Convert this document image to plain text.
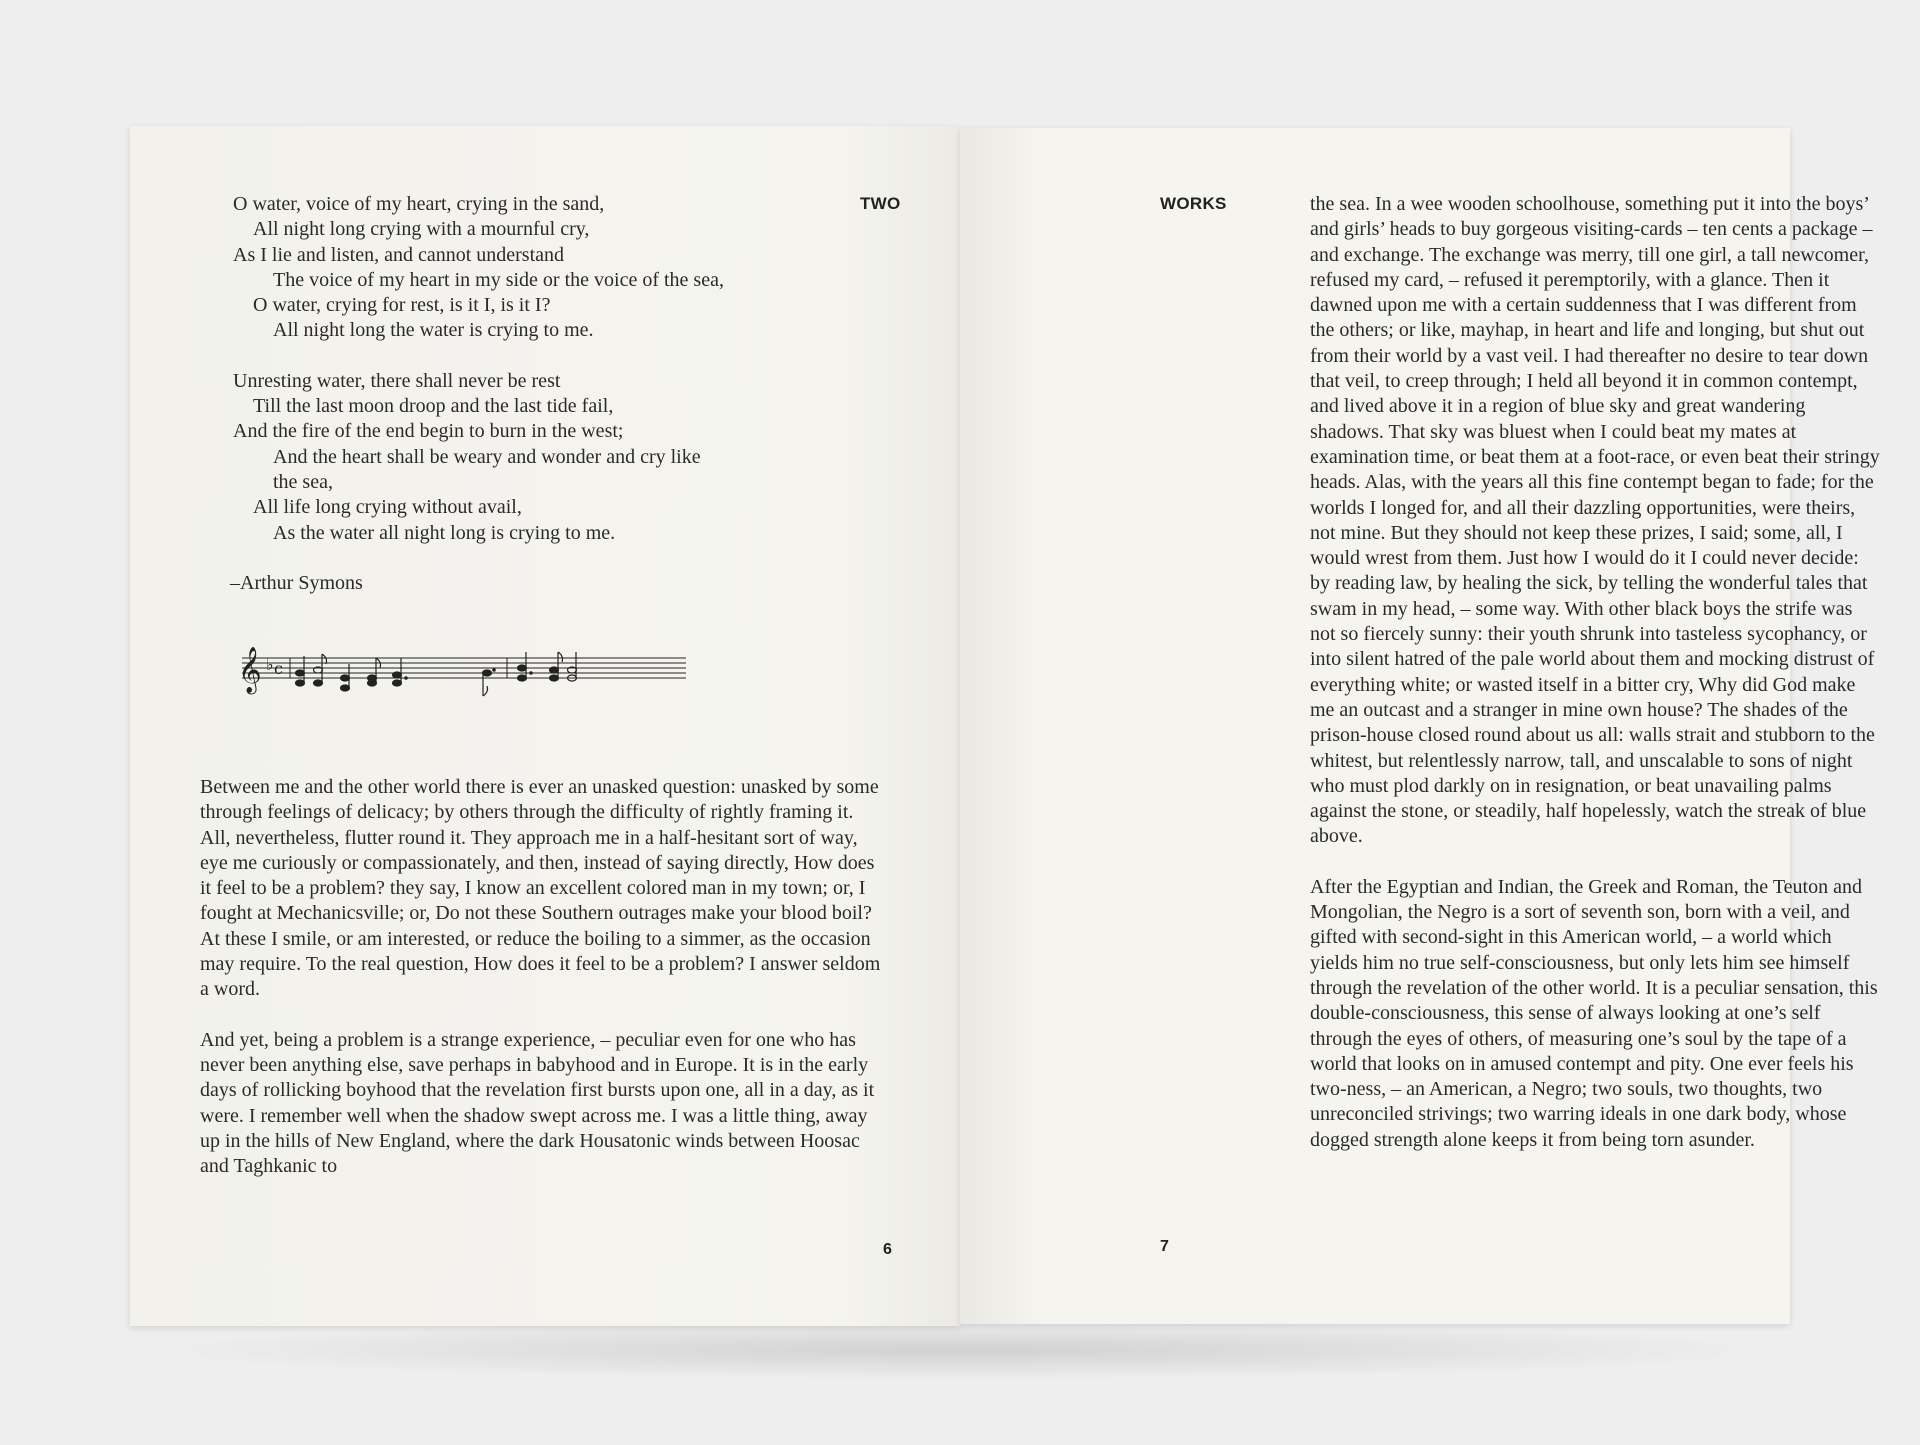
TWO
O water, voice of my heart, crying in the sand,
All night long crying with a mournful cry,
As I lie and listen, and cannot understand
The voice of my heart in my side or the voice of the sea,
O water, crying for rest, is it I, is it I?
All night long the water is crying to me.
Unresting water, there shall never be rest
Till the last moon droop and the last tide fail,
And the fire of the end begin to burn in the west;
And the heart shall be weary and wonder and cry like
the sea,
All life long crying without avail,
As the water all night long is crying to me.
–Arthur Symons
𝄞 ♭ c

Between me and the other world there is ever an unasked question: unasked by some through feelings of delicacy; by others through the difficulty of rightly framing it. All, nevertheless, flutter round it. They approach me in a half-hesitant sort of way, eye me curiously or compassionately, and then, instead of saying directly, How does it feel to be a problem? they say, I know an excellent colored man in my town; or, I fought at Mechanicsville; or, Do not these Southern outrages make your blood boil? At these I smile, or am interested, or reduce the boiling to a simmer, as the occasion may require. To the real question, How does it feel to be a problem? I answer seldom a word.

And yet, being a problem is a strange experience, – peculiar even for one who has never been anything else, save perhaps in babyhood and in Europe. It is in the early days of rollicking boyhood that the revelation first bursts upon one, all in a day, as it were. I remember well when the shadow swept across me. I was a little thing, away up in the hills of New England, where the dark Housatonic winds between Hoosac and Taghkanic to

6
WORKS	the sea. In a wee wooden schoolhouse, something put it into the boys’ and girls’ heads to buy gorgeous visiting-cards – ten cents a package – and exchange. The exchange was merry, till one girl, a tall newcomer, refused my card, – refused it peremptorily, with a glance. Then it dawned upon me with a certain suddenness that I was different from the others; or like, mayhap, in heart and life and longing, but shut out from their world by a vast veil. I had thereafter no desire to tear down that veil, to creep through; I held all beyond it in common contempt, and lived above it in a region of blue sky and great wandering shadows. That sky was bluest when I could beat my mates at examination time, or beat them at a foot-race, or even beat their stringy heads. Alas, with the years all this fine contempt began to fade; for the worlds I longed for, and all their dazzling opportunities, were theirs, not mine. But they should not keep these prizes, I said; some, all, I would wrest from them. Just how I would do it I could never decide: by reading law, by healing the sick, by telling the wonderful tales that swam in my head, – some way. With other black boys the strife was not so fiercely sunny: their youth shrunk into tasteless sycophancy, or into silent hatred of the pale world about them and mocking distrust of everything white; or wasted itself in a bitter cry, Why did God make me an outcast and a stranger in mine own house? The shades of the prison-house closed round about us all: walls strait and stubborn to the whitest, but relentlessly narrow, tall, and unscalable to sons of night who must plod darkly on in resignation, or beat unavailing palms against the stone, or steadily, half hopelessly, watch the streak of blue above.

After the Egyptian and Indian, the Greek and Roman, the Teuton and Mongolian, the Negro is a sort of seventh son, born with a veil, and gifted with second-sight in this American world, – a world which yields him no true self-consciousness, but only lets him see himself through the revelation of the other world. It is a peculiar sensation, this double-consciousness, this sense of always looking at one’s self through the eyes of others, of measuring one’s soul by the tape of a world that looks on in amused contempt and pity. One ever feels his two-ness, – an American, a Negro; two souls, two thoughts, two unreconciled strivings; two warring ideals in one dark body, whose dogged strength alone keeps it from being torn asunder.

7
